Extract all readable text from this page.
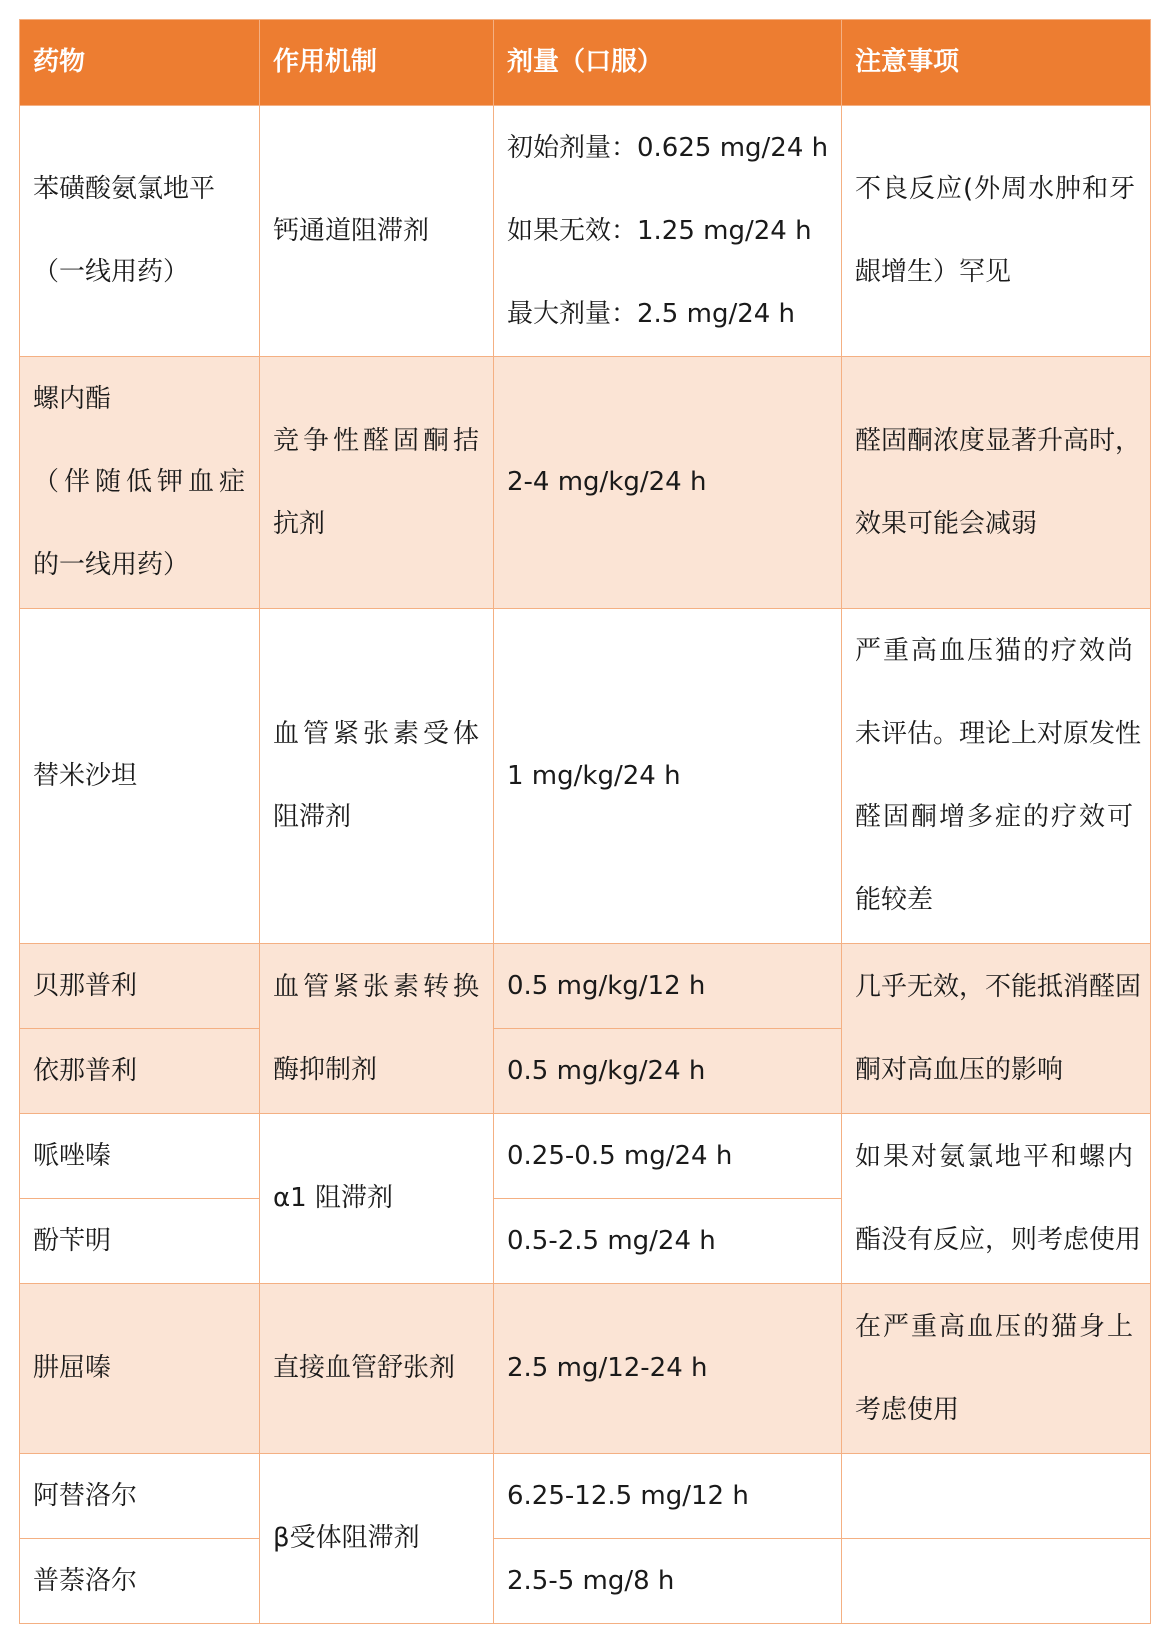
药物	作用机制	剂量（口服）	注意事项

苯磺酸氨氯地平
（一线用药）	钙通道阻滞剂	初始剂量：0.625 mg/24 h
如果无效：1.25 mg/24 h
最大剂量：2.5 mg/24 h	不良反应(外周水肿和牙
龈增生）罕见

螺内酯
（伴随低钾血症
的一线用药）	竞争性醛固酮拮
抗剂	2-4 mg/kg/24 h	醛固酮浓度显著升高时，
效果可能会减弱

替米沙坦	血管紧张素受体
阻滞剂	1 mg/kg/24 h	严重高血压猫的疗效尚
未评估。理论上对原发性
醛固酮增多症的疗效可
能较差

贝那普利	血管紧张素转换
酶抑制剂	0.5 mg/kg/12 h	几乎无效，不能抵消醛固
酮对高血压的影响

依那普利		0.5 mg/kg/24 h	

哌唑嗪	α1 阻滞剂	0.25-0.5 mg/24 h	如果对氨氯地平和螺内
酯没有反应，则考虑使用

酚苄明		0.5-2.5 mg/24 h	

肼屈嗪	直接血管舒张剂	2.5 mg/12-24 h	在严重高血压的猫身上
考虑使用

阿替洛尔	β受体阻滞剂	6.25-12.5 mg/12 h	

普萘洛尔		2.5-5 mg/8 h	
